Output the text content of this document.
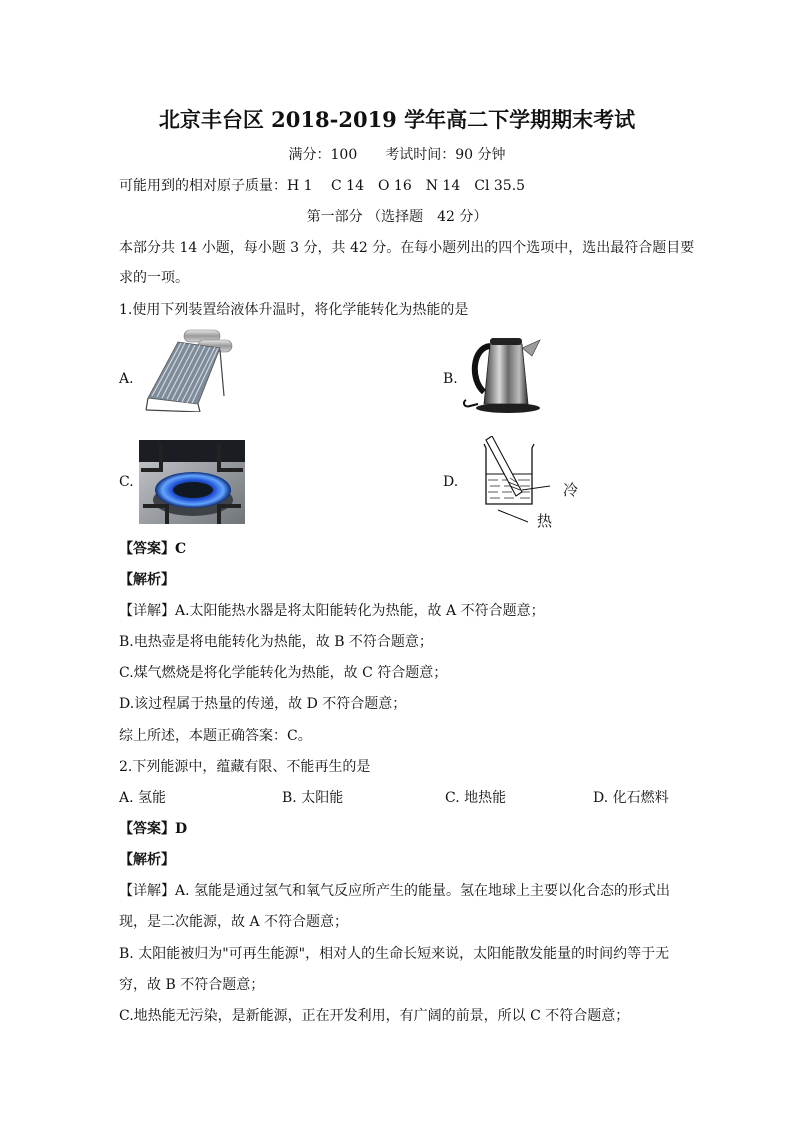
北京丰台区 2018-2019 学年高二下学期期末考试
满分：100　　考试时间：90 分钟
可能用到的相对原子质量：H 1　 C 14　O 16　N 14　Cl 35.5
第一部分 （选择题　42 分）
本部分共 14 小题，每小题 3 分，共 42 分。在每小题列出的四个选项中，选出最符合题目要
求的一项。
1.使用下列装置给液体升温时，将化学能转化为热能的是
A.	B.
C.	D.	冷
热
【答案】C
【解析】
【详解】A.太阳能热水器是将太阳能转化为热能，故 A 不符合题意；
B.电热壶是将电能转化为热能，故 B 不符合题意；
C.煤气燃烧是将化学能转化为热能，故 C 符合题意；
D.该过程属于热量的传递，故 D 不符合题意；
综上所述，本题正确答案：C。
2.下列能源中，蕴藏有限、不能再生的是
A. 氢能	B. 太阳能	C. 地热能	D. 化石燃料
【答案】D
【解析】
【详解】A. 氢能是通过氢气和氧气反应所产生的能量。氢在地球上主要以化合态的形式出
现，是二次能源，故 A 不符合题意；
B. 太阳能被归为"可再生能源"，相对人的生命长短来说，太阳能散发能量的时间约等于无
穷，故 B 不符合题意；
C.地热能无污染，是新能源，正在开发利用，有广阔的前景，所以 C 不符合题意；
